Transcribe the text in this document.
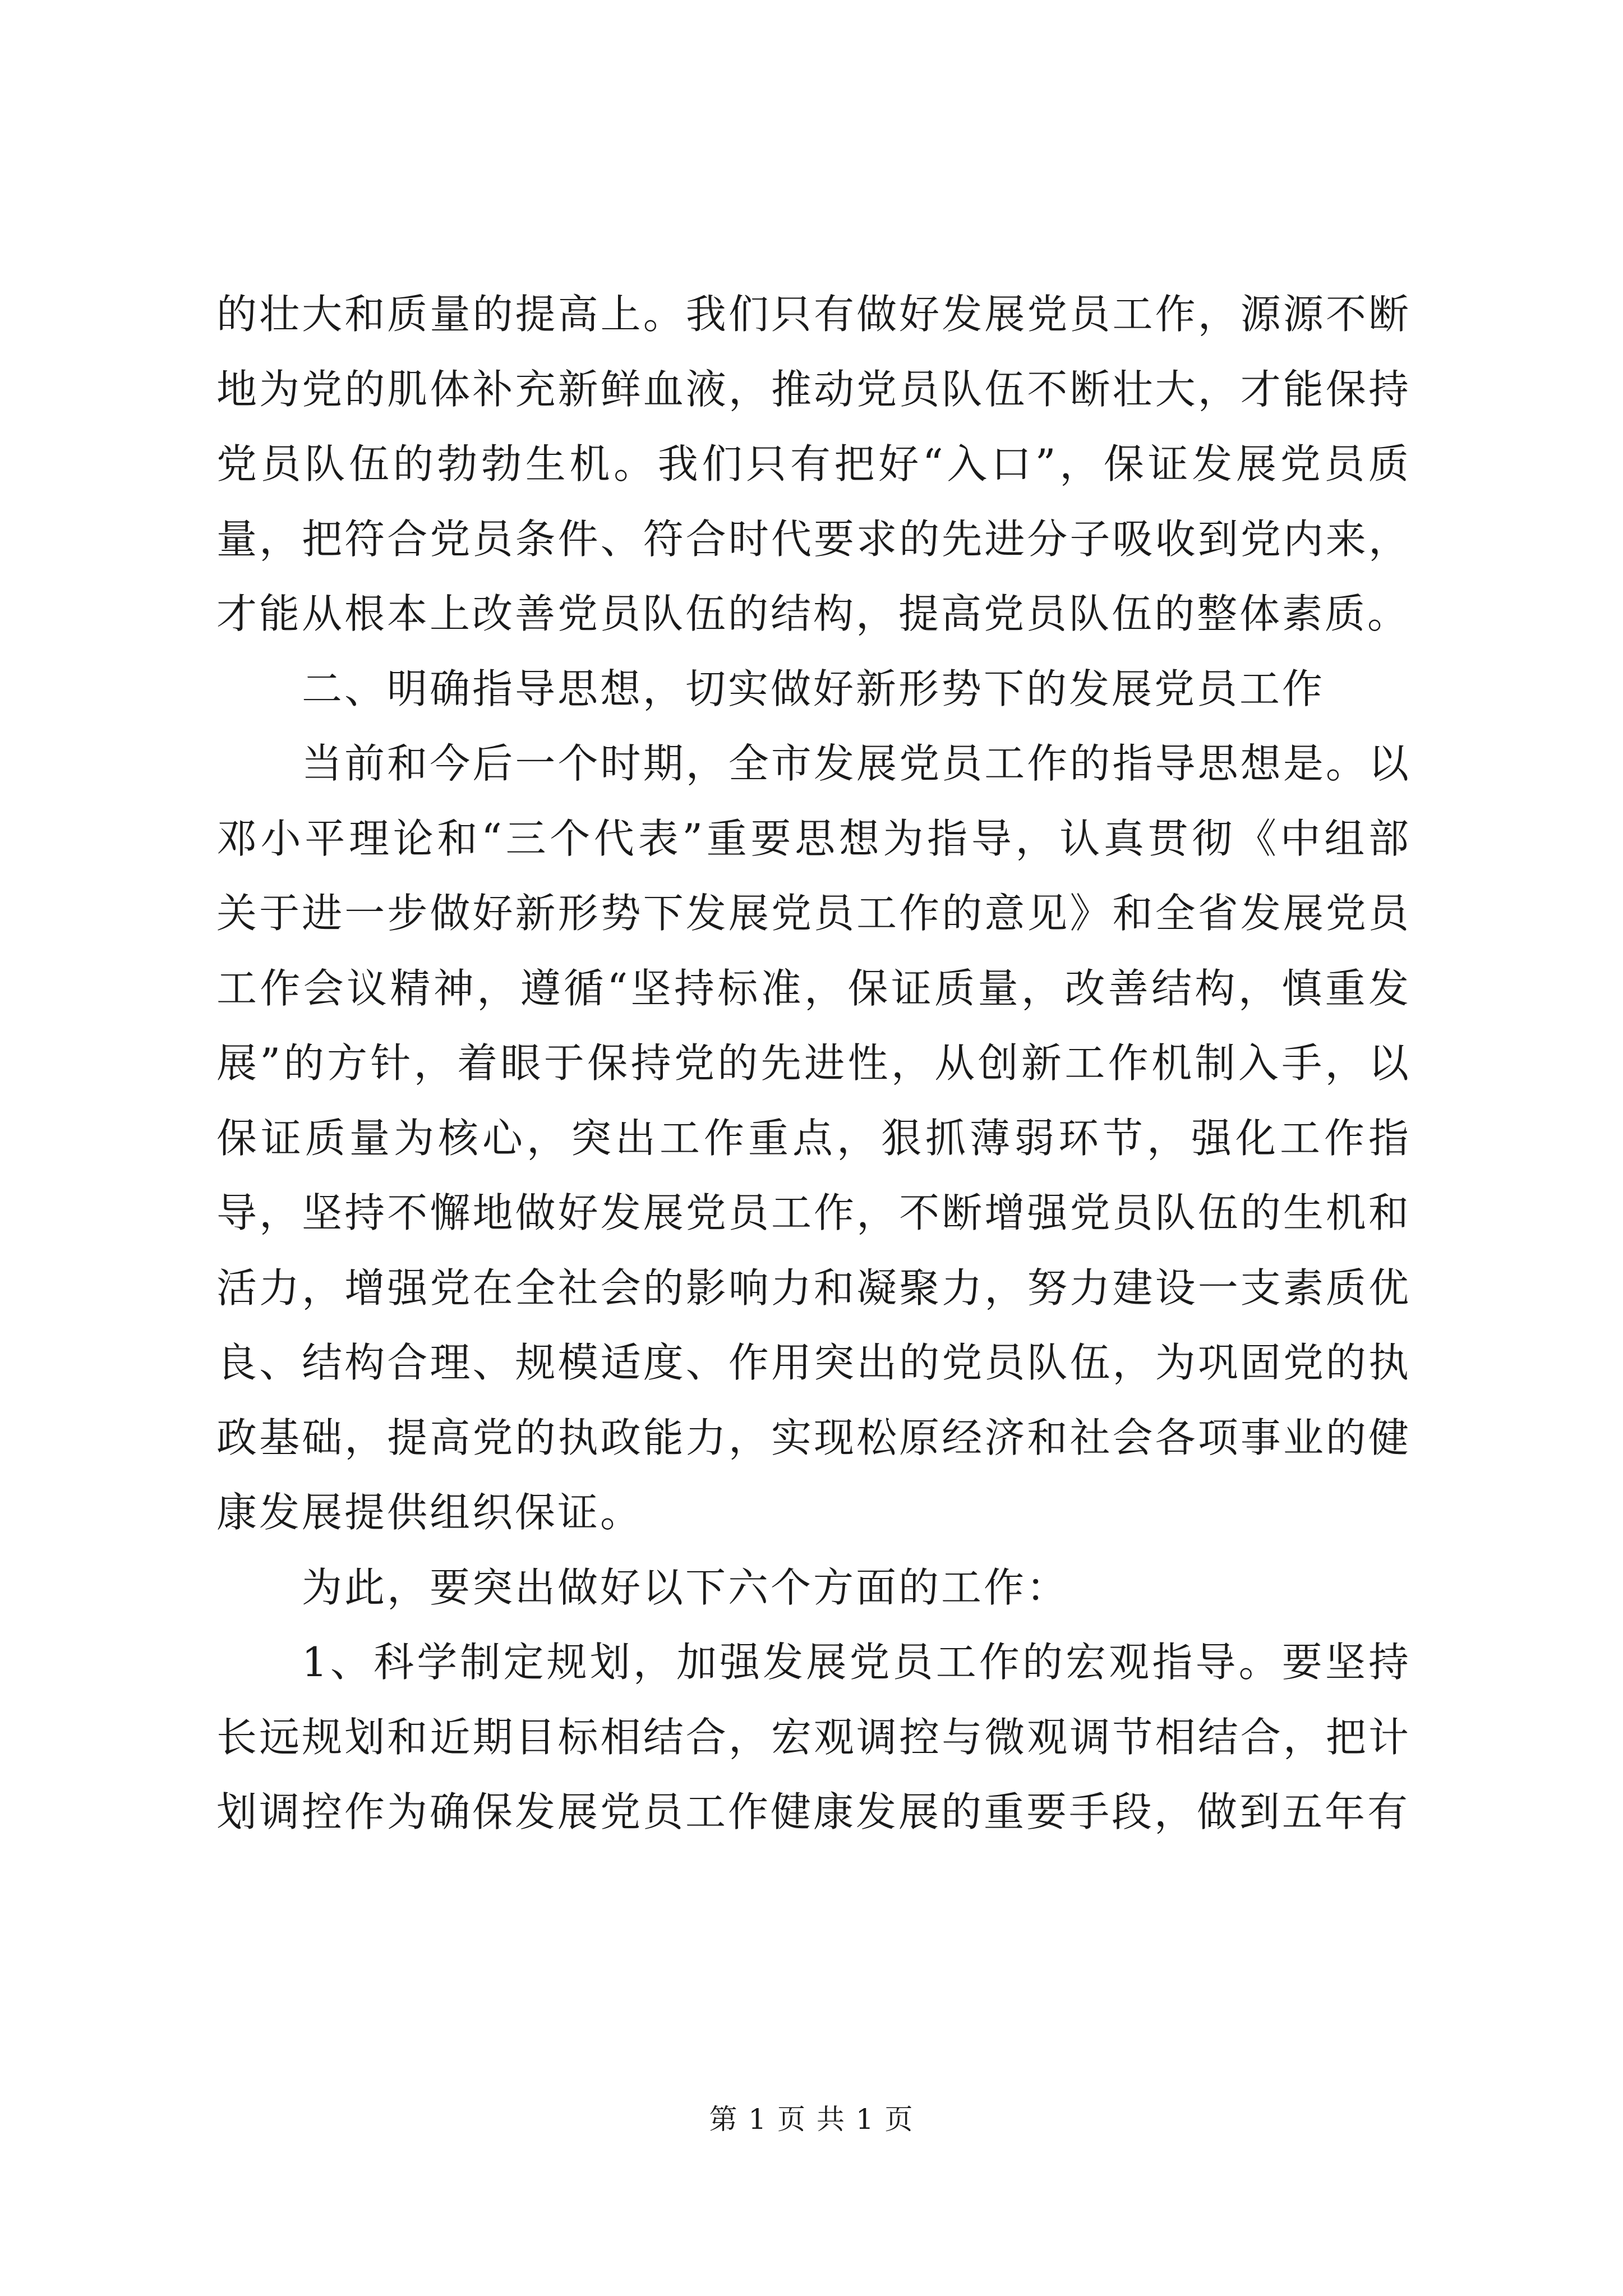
的壮大和质量的提高上。我们只有做好发展党员工作，源源不断地为党的肌体补充新鲜血液，推动党员队伍不断壮大，才能保持党员队伍的勃勃生机。我们只有把好“入口”，保证发展党员质量，把符合党员条件、符合时代要求的先进分子吸收到党内来，才能从根本上改善党员队伍的结构，提高党员队伍的整体素质。

二、明确指导思想，切实做好新形势下的发展党员工作

当前和今后一个时期，全市发展党员工作的指导思想是。以邓小平理论和“三个代表”重要思想为指导，认真贯彻《中组部关于进一步做好新形势下发展党员工作的意见》和全省发展党员工作会议精神，遵循“坚持标准，保证质量，改善结构，慎重发展”的方针，着眼于保持党的先进性，从创新工作机制入手，以保证质量为核心，突出工作重点，狠抓薄弱环节，强化工作指导，坚持不懈地做好发展党员工作，不断增强党员队伍的生机和活力，增强党在全社会的影响力和凝聚力，努力建设一支素质优良、结构合理、规模适度、作用突出的党员队伍，为巩固党的执政基础，提高党的执政能力，实现松原经济和社会各项事业的健康发展提供组织保证。

为此，要突出做好以下六个方面的工作：

1、科学制定规划，加强发展党员工作的宏观指导。要坚持长远规划和近期目标相结合，宏观调控与微观调节相结合，把计划调控作为确保发展党员工作健康发展的重要手段，做到五年有

第 1 页 共 1 页
